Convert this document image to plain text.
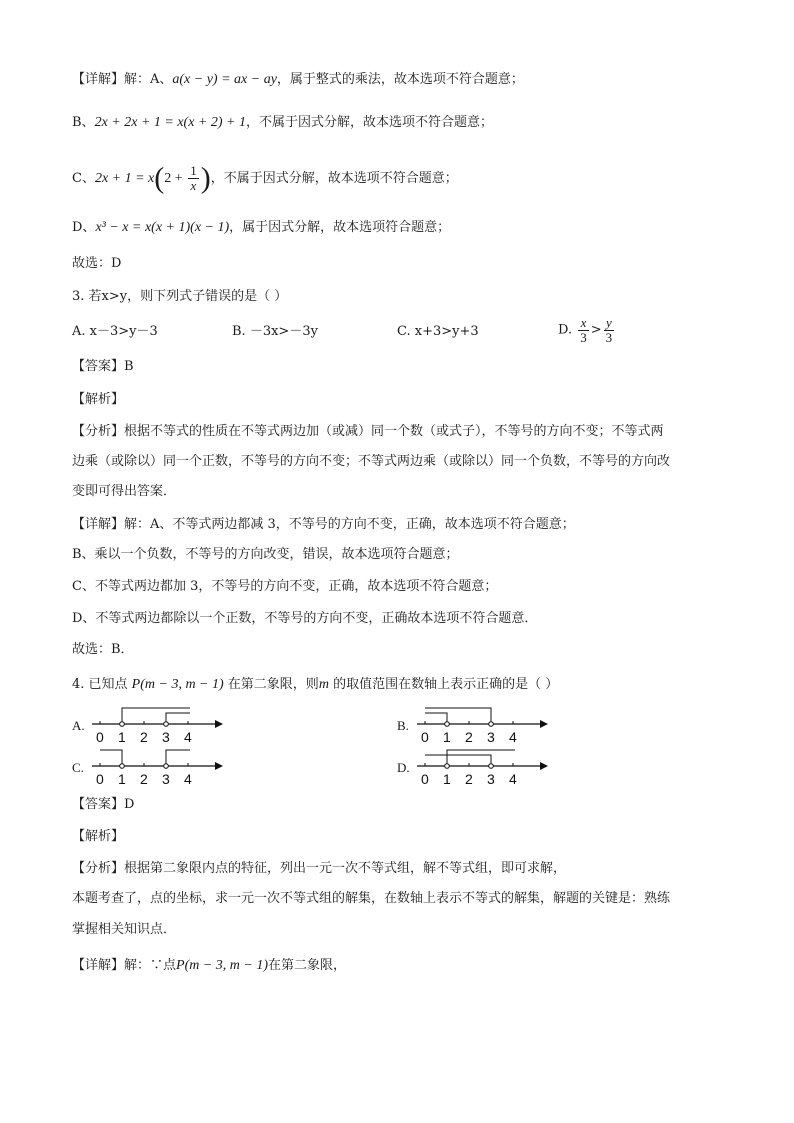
【详解】解：A、a(x − y) = ax − ay，属于整式的乘法，故本选项不符合题意；
B、2x + 2x + 1 = x(x + 2) + 1，不属于因式分解，故本选项不符合题意；
C、$2x + 1 = x(2 + \frac{1}{x}$ )，不属于因式分解，故本选项不符合题意；
D、x³ − x = x(x + 1)(x − 1)，属于因式分解，故本选项符合题意；
故选：D
3. 若x>y，则下列式子错误的是（ ）
A. x－3>y－3	B. －3x>－3y	C. x+3>y+3	D. $\frac{x}{3} > \frac{y}{3}$
【答案】B
【解析】
【分析】根据不等式的性质在不等式两边加（或减）同一个数（或式子），不等号的方向不变；不等式两
边乘（或除以）同一个正数，不等号的方向不变；不等式两边乘（或除以）同一个负数，不等号的方向改
变即可得出答案．
【详解】解：A、不等式两边都减 3，不等号的方向不变，正确，故本选项不符合题意；
B、乘以一个负数，不等号的方向改变，错误，故本选项符合题意；
C、不等式两边都加 3，不等号的方向不变，正确，故本选项不符合题意；
D、不等式两边都除以一个正数，不等号的方向不变，正确故本选项不符合题意．
故选：B．
4. 已知点 P(m − 3, m − 1) 在第二象限，则m 的取值范围在数轴上表示正确的是（ ）
A.	B.
C.	D.
0 1 2 3 4	0 1 2 3 4
0 1 2 3 4	0 1 2 3 4
【答案】D
【解析】
【分析】根据第二象限内点的特征，列出一元一次不等式组，解不等式组，即可求解，
本题考查了，点的坐标，求一元一次不等式组的解集，在数轴上表示不等式的解集，解题的关键是：熟练
掌握相关知识点．
【详解】解：∵点P(m − 3, m − 1)在第二象限，
